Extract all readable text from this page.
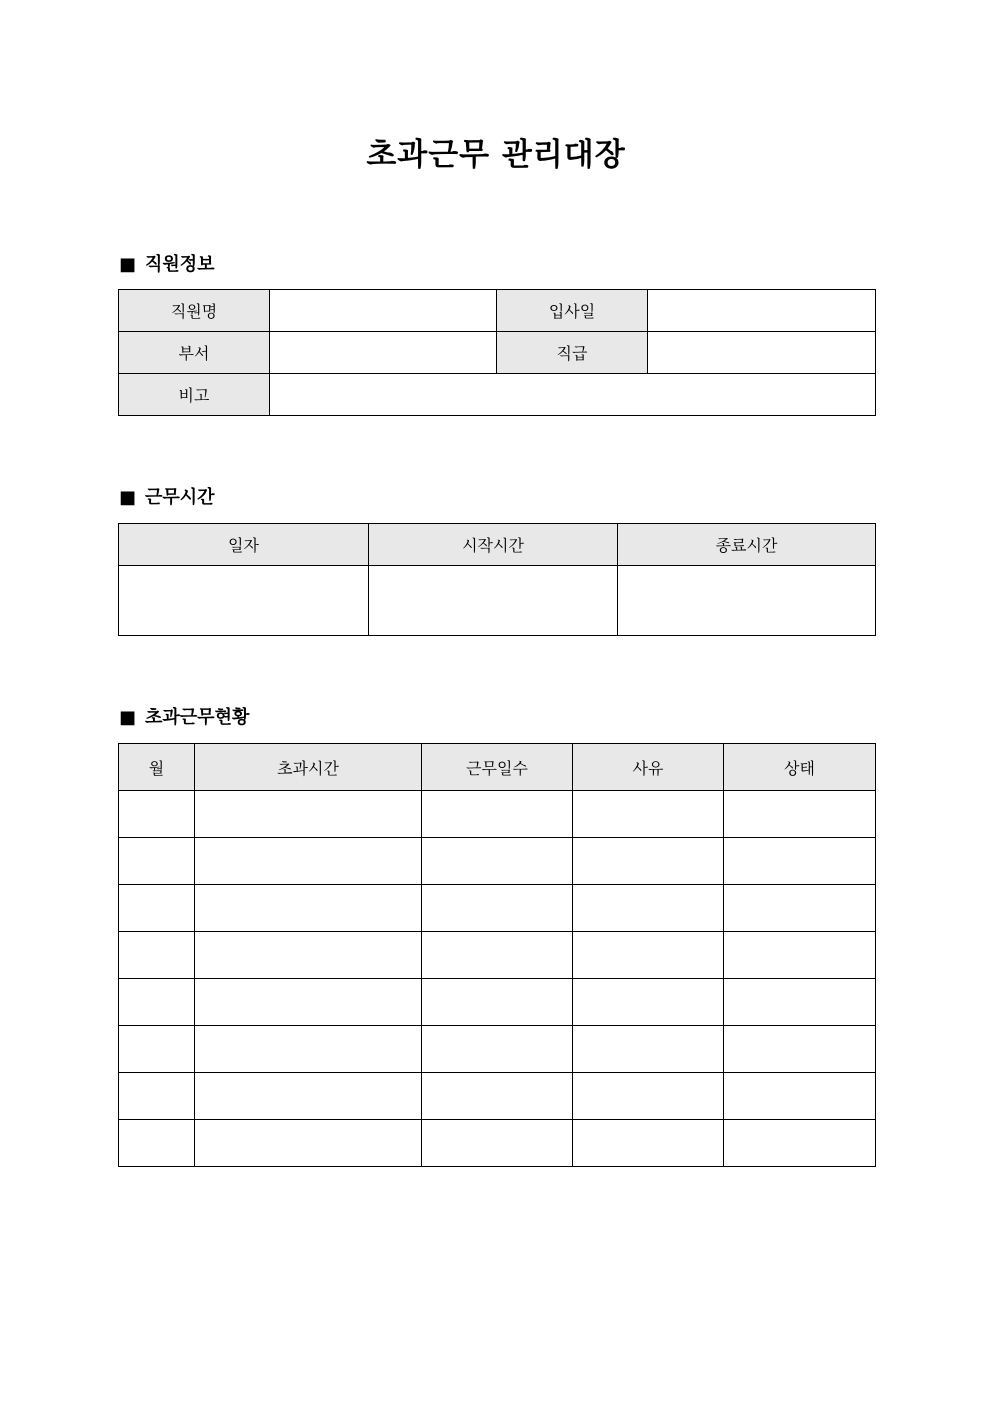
초과근무 관리대장
■ 직원정보
직원명		입사일	
부서		직급	
비고			
■ 근무시간
일자	시작시간	종료시간

■ 초과근무현황
월	초과시간	근무일수	사유	상태
